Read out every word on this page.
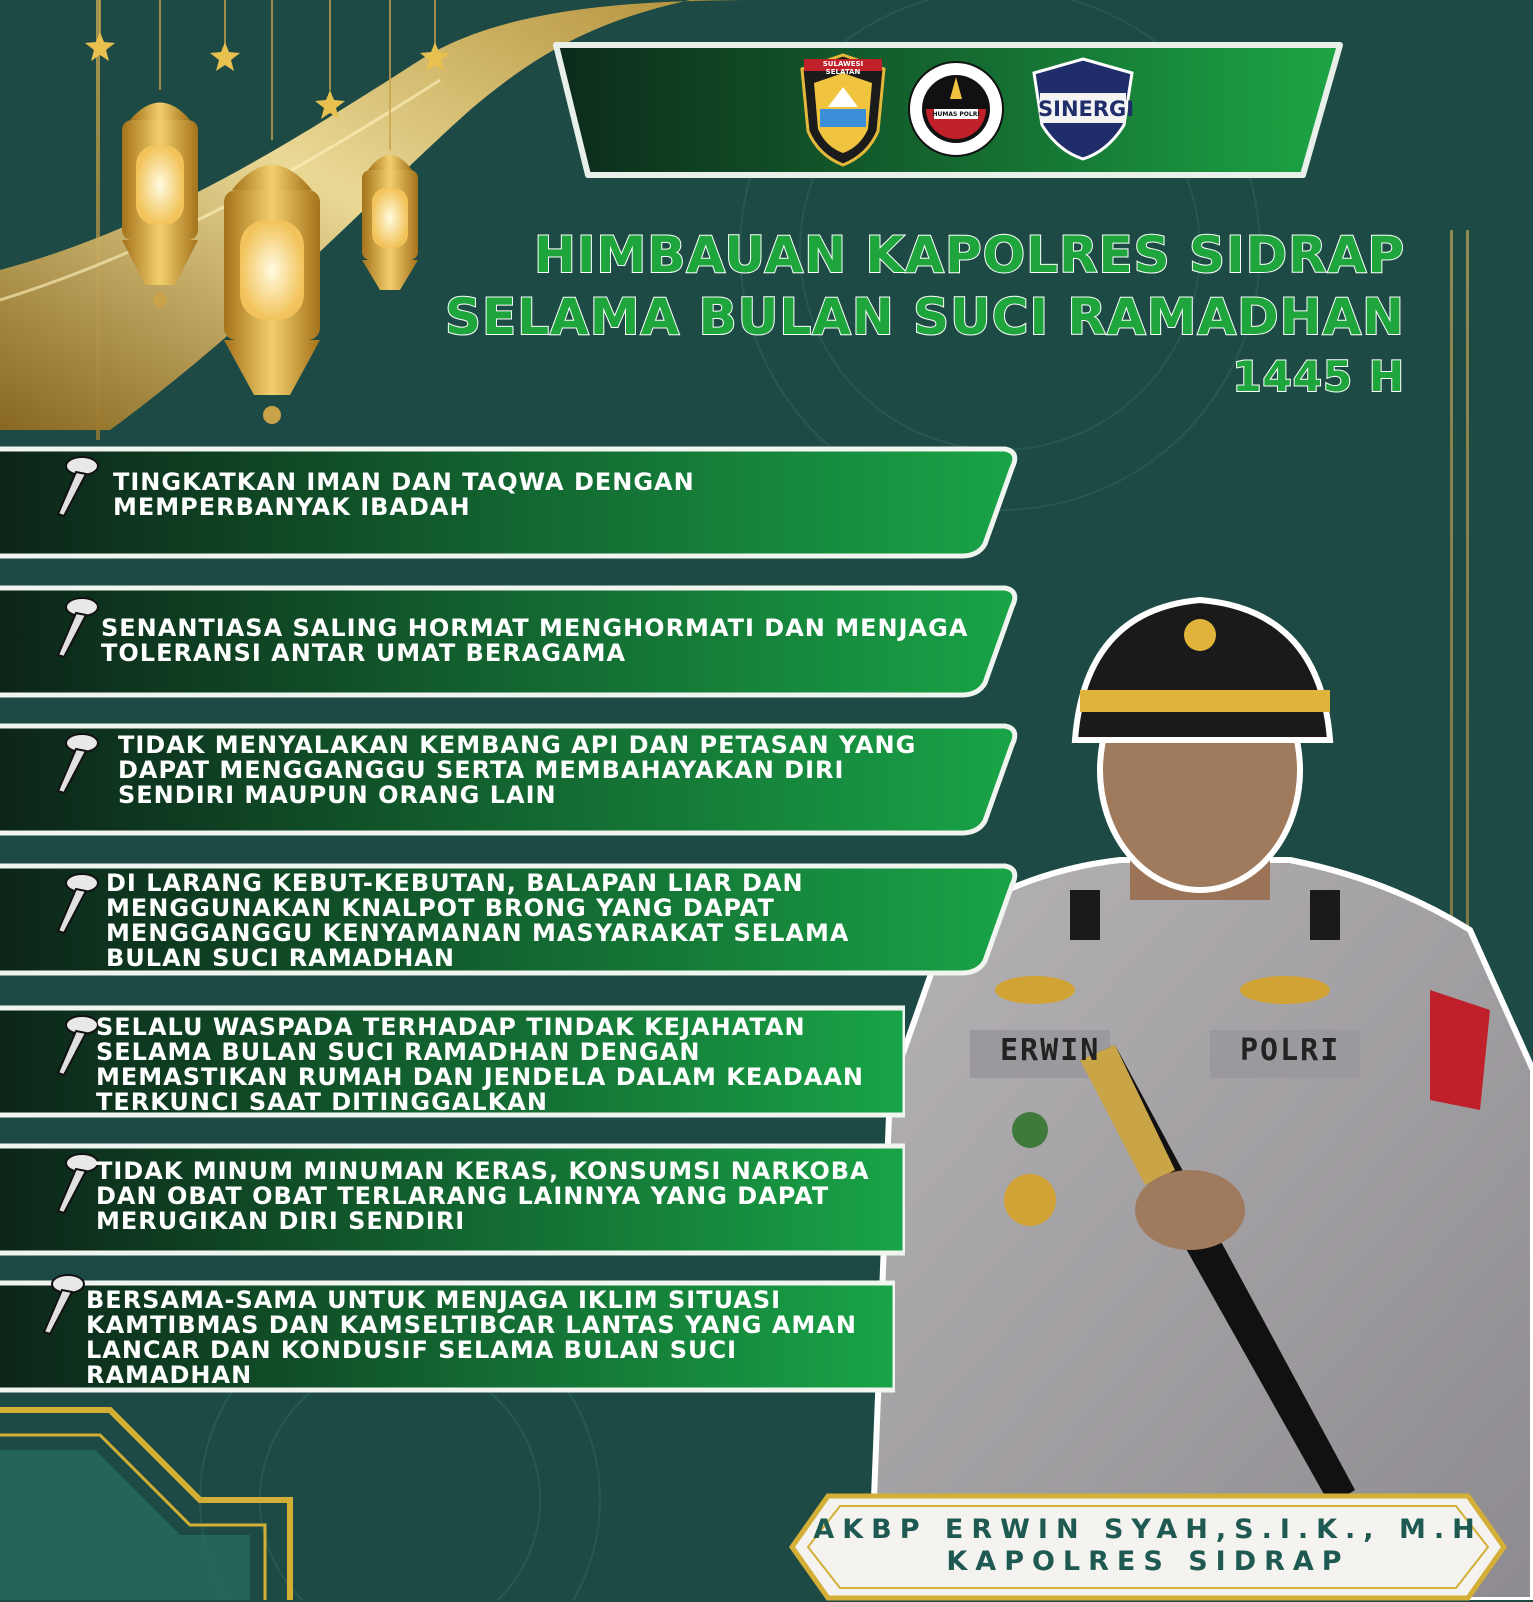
SULAWESI SELATAN
HUMAS POLRI	SINERGI
HIMBAUAN KAPOLRES SIDRAP
SELAMA BULAN SUCI RAMADHAN
1445 H
ERWIN	POLRI
TINGKATKAN IMAN DAN TAQWA DENGAN MEMPERBANYAK IBADAH
SENANTIASA SALING HORMAT MENGHORMATI DAN MENJAGA TOLERANSI ANTAR UMAT BERAGAMA
TIDAK MENYALAKAN KEMBANG API DAN PETASAN YANG DAPAT MENGGANGGU SERTA MEMBAHAYAKAN DIRI SENDIRI MAUPUN ORANG LAIN
DI LARANG KEBUT-KEBUTAN, BALAPAN LIAR DAN MENGGUNAKAN KNALPOT BRONG YANG DAPAT MENGGANGGU KENYAMANAN MASYARAKAT SELAMA BULAN SUCI RAMADHAN
SELALU WASPADA TERHADAP TINDAK KEJAHATAN SELAMA BULAN SUCI RAMADHAN DENGAN MEMASTIKAN RUMAH DAN JENDELA DALAM KEADAAN TERKUNCI SAAT DITINGGALKAN
TIDAK MINUM MINUMAN KERAS, KONSUMSI NARKOBA DAN OBAT OBAT TERLARANG LAINNYA YANG DAPAT MERUGIKAN DIRI SENDIRI
BERSAMA-SAMA UNTUK MENJAGA IKLIM SITUASI KAMTIBMAS DAN KAMSELTIBCAR LANTAS YANG AMAN LANCAR DAN KONDUSIF SELAMA BULAN SUCI RAMADHAN
AKBP ERWIN SYAH,S.I.K., M.H
KAPOLRES SIDRAP
